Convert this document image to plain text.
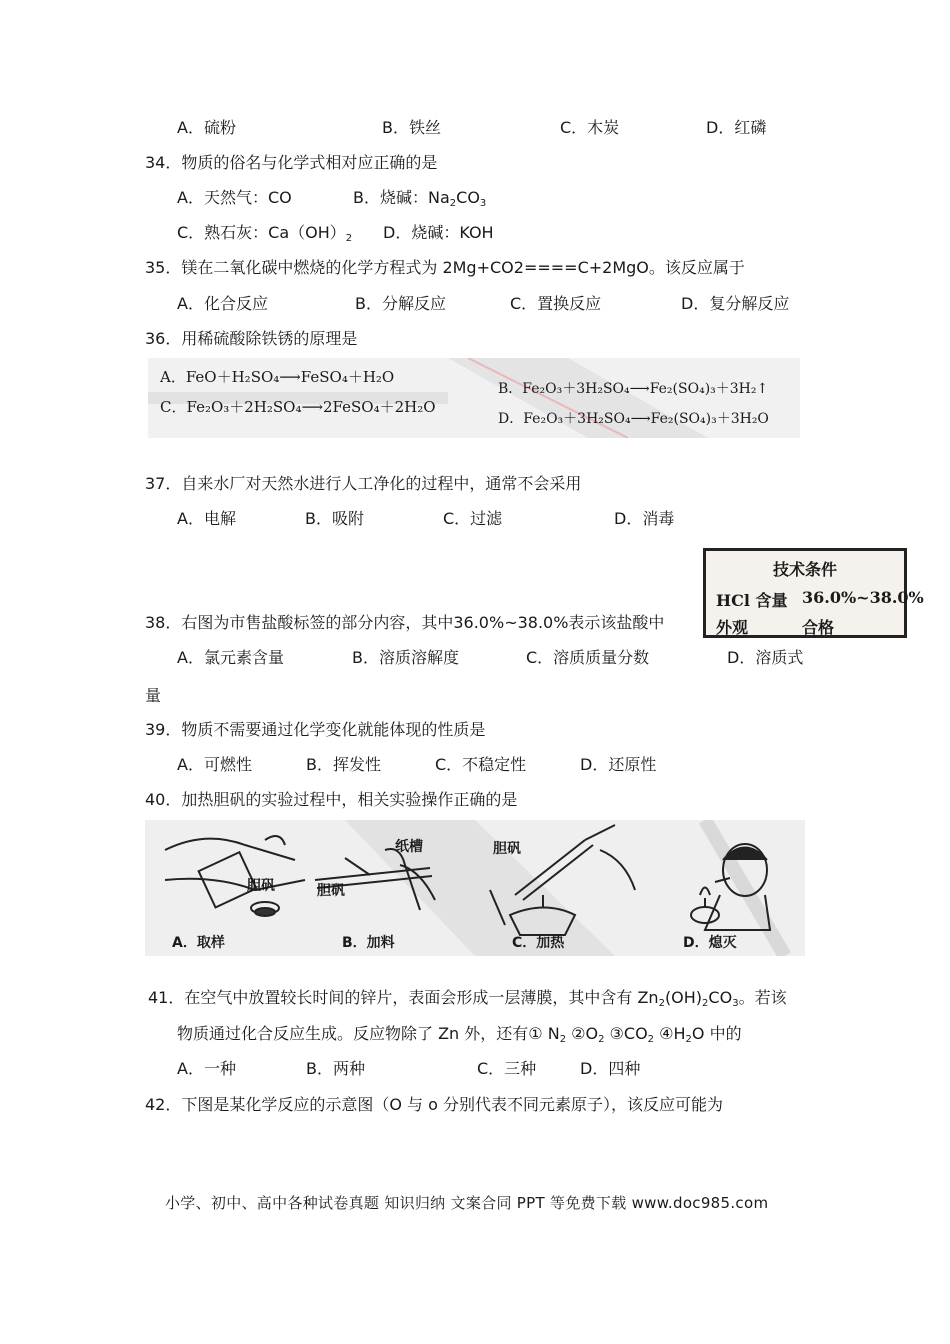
A．硫粉	B．铁丝	C．木炭	D．红磷
34．物质的俗名与化学式相对应正确的是
A．天然气：CO	B．烧碱：$Na_2CO_3$
C．熟石灰：$Ca(OH)_2$ D．烧碱：KOH
35．镁在二氧化碳中燃烧的化学方程式为 2Mg+CO2====C+2MgO。该反应属于
A．化合反应	B．分解反应	C．置换反应	D．复分解反应
36．用稀硫酸除铁锈的原理是
A．FeO＋H₂SO₄⟶FeSO₄＋H₂O
C．Fe₂O₃＋2H₂SO₄⟶2FeSO₄＋2H₂O
B．Fe₂O₃＋3H₂SO₄⟶Fe₂(SO₄)₃＋3H₂↑
D．Fe₂O₃＋3H₂SO₄⟶Fe₂(SO₄)₃＋3H₂O
37．自来水厂对天然水进行人工净化的过程中，通常不会采用
A．电解	B．吸附	C．过滤	D．消毒
技术条件
HCl 含量 36.0%~38.0%
外观	合格
38．右图为市售盐酸标签的部分内容，其中36.0%~38.0%表示该盐酸中
A．氯元素含量	B．溶质溶解度	C．溶质质量分数	D．溶质式
量
39．物质不需要通过化学变化就能体现的性质是
A．可燃性	B．挥发性	C．不稳定性	D．还原性
40．加热胆矾的实验过程中，相关实验操作正确的是
胆矾	胆矾
纸槽	胆矾
A．取样	B．加料	C．加热	D．熄灭
41．在空气中放置较长时间的锌片，表面会形成一层薄膜，其中含有 $Zn_2(OH)_2CO_3$。若该
物质通过化合反应生成。反应物除了 Zn 外，还有① $N_2$ $②O_2$ $③CO_2$ $④H_2O$ 中的
A．一种	B．两种	C．三种	D．四种
42．下图是某化学反应的示意图（O 与 o 分别代表不同元素原子），该反应可能为
小学、初中、高中各种试卷真题 知识归纳 文案合同 PPT 等免费下载 www.doc985.com
